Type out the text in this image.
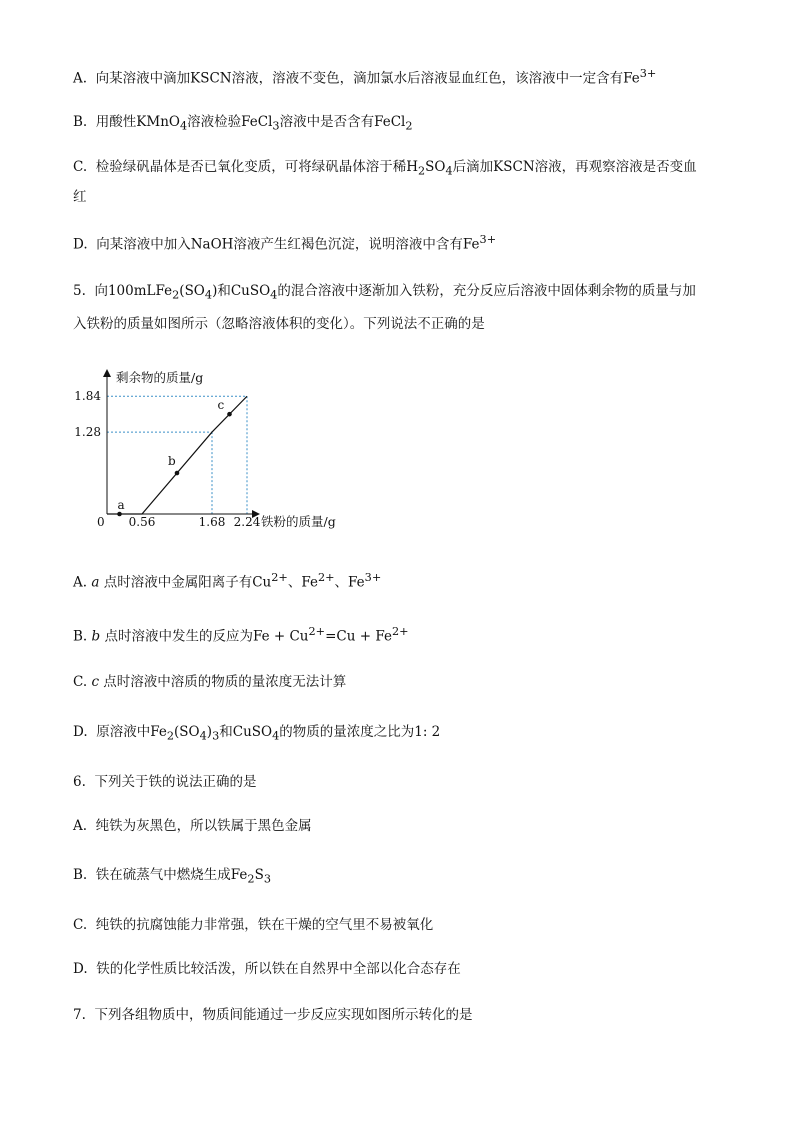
A.  向某溶液中滴加KSCN溶液，溶液不变色，滴加氯水后溶液显血红色，该溶液中一定含有$Fe^{3+}$
B.  用酸性KMnO$_4$溶液检验FeCl$_3$溶液中是否含有FeCl$_2$
C.  检验绿矾晶体是否已氧化变质，可将绿矾晶体溶于稀$H_2SO_4$后滴加KSCN溶液，再观察溶液是否变血
红
D.  向某溶液中加入NaOH溶液产生红褐色沉淀，说明溶液中含有$Fe^{3+}$
5.  向$100mLFe_2(SO_4)$和CuSO$_4$的混合溶液中逐渐加入铁粉，充分反应后溶液中固体剩余物的质量与加
入铁粉的质量如图所示（忽略溶液体积的变化）。下列说法不正确的是
A. a 点时溶液中金属阳离子有$Cu^{2+}$、$Fe^{2+}$、$Fe^{3+}$
B. b 点时溶液中发生的反应为$Fe + Cu^{2+}=Cu + Fe^{2+}$
C. c 点时溶液中溶质的物质的量浓度无法计算
D.  原溶液中$Fe_2(SO_4)_3$和CuSO$_4$的物质的量浓度之比为1: 2
6.  下列关于铁的说法正确的是
A.  纯铁为灰黑色，所以铁属于黑色金属
B.  铁在硫蒸气中燃烧生成$Fe_2S_3$
C.  纯铁的抗腐蚀能力非常强，铁在干燥的空气里不易被氧化
D.  铁的化学性质比较活泼，所以铁在自然界中全部以化合态存在
7.  下列各组物质中，物质间能通过一步反应实现如图所示转化的是
剩余物的质量/g
铁粉的质量/g
0 0.56	1.68 2.24
1.28
1.84
a
b
c
